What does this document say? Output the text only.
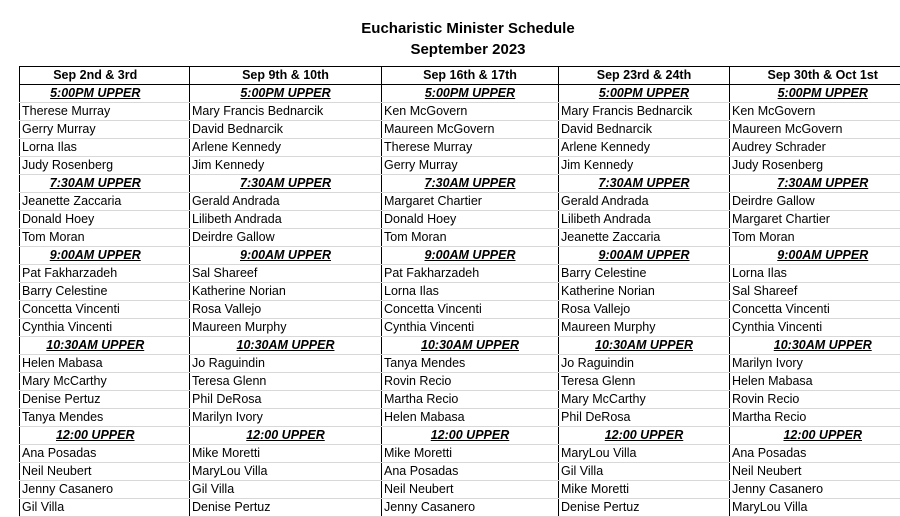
Eucharistic Minister Schedule
September 2023
Sep 2nd & 3rd		Sep 9th & 10th	Sep 16th & 17th	Sep 23rd & 24th	Sep 30th & Oct 1st
5:00PM UPPER		5:00PM UPPER	5:00PM UPPER	5:00PM UPPER	5:00PM UPPER
Therese Murray		Mary Francis Bednarcik	Ken McGovern	Mary Francis Bednarcik	Ken McGovern
Gerry Murray		David Bednarcik	Maureen McGovern	David Bednarcik	Maureen McGovern
Lorna Ilas		Arlene Kennedy	Therese Murray	Arlene Kennedy	Audrey Schrader
Judy Rosenberg		Jim Kennedy	Gerry Murray	Jim Kennedy	Judy Rosenberg
7:30AM UPPER		7:30AM UPPER	7:30AM UPPER	7:30AM UPPER	7:30AM UPPER
Jeanette Zaccaria		Gerald Andrada	Margaret Chartier	Gerald Andrada	Deirdre Gallow
Donald Hoey		Lilibeth Andrada	Donald Hoey	Lilibeth Andrada	Margaret Chartier
Tom Moran		Deirdre Gallow	Tom Moran	Jeanette Zaccaria	Tom Moran
9:00AM UPPER		9:00AM UPPER	9:00AM UPPER	9:00AM UPPER	9:00AM UPPER
Pat Fakharzadeh		Sal Shareef	Pat Fakharzadeh	Barry Celestine	Lorna Ilas
Barry Celestine		Katherine Norian	Lorna Ilas	Katherine Norian	Sal Shareef
Concetta Vincenti		Rosa Vallejo	Concetta Vincenti	Rosa Vallejo	Concetta Vincenti
Cynthia Vincenti		Maureen Murphy	Cynthia Vincenti	Maureen Murphy	Cynthia Vincenti
10:30AM UPPER		10:30AM UPPER	10:30AM UPPER	10:30AM UPPER	10:30AM UPPER
Helen Mabasa		Jo Raguindin	Tanya Mendes	Jo Raguindin	Marilyn Ivory
Mary McCarthy		Teresa Glenn	Rovin Recio	Teresa Glenn	Helen Mabasa
Denise Pertuz		Phil DeRosa	Martha Recio	Mary McCarthy	Rovin Recio
Tanya Mendes		Marilyn Ivory	Helen Mabasa	Phil DeRosa	Martha Recio
12:00 UPPER		12:00 UPPER	12:00 UPPER	12:00 UPPER	12:00 UPPER
Ana Posadas		Mike Moretti	Mike Moretti	MaryLou Villa	Ana Posadas
Neil Neubert		MaryLou Villa	Ana Posadas	Gil Villa	Neil Neubert
Jenny Casanero		Gil Villa	Neil Neubert	Mike Moretti	Jenny Casanero
Gil Villa		Denise Pertuz	Jenny Casanero	Denise Pertuz	MaryLou Villa
